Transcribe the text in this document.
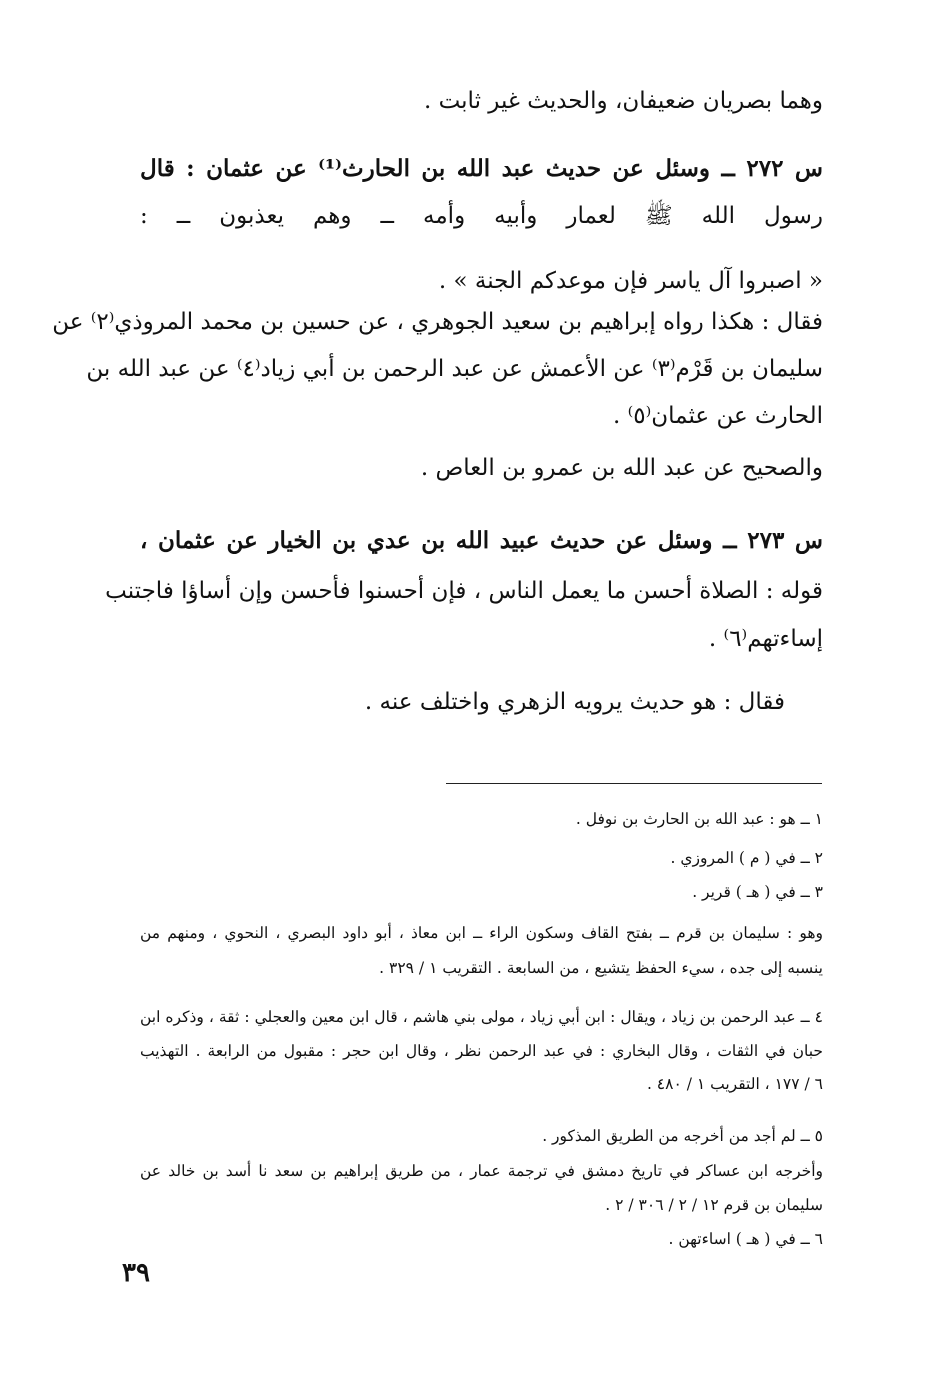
وهما بصريان ضعيفان، والحديث غير ثابت .
س ٢٧٢ ــ وسئل عن حديث عبد الله بن الحارث⁽¹⁾ عن عثمان : قال
رسول الله ﷺ لعمار وأبيه وأمه ــ وهم يعذبون ــ :
« اصبروا آل ياسر فإن موعدكم الجنة » .
فقال : هكذا رواه إبراهيم بن سعيد الجوهري ، عن حسين بن محمد المروذي⁽٢⁾ عن
سليمان بن قَرْم⁽٣⁾ عن الأعمش عن عبد الرحمن بن أبي زياد⁽٤⁾ عن عبد الله بن
الحارث عن عثمان⁽٥⁾ .
والصحيح عن عبد الله بن عمرو بن العاص .
س ٢٧٣ ــ وسئل عن حديث عبيد الله بن عدي بن الخيار عن عثمان ،
قوله : الصلاة أحسن ما يعمل الناس ، فإن أحسنوا فأحسن وإن أساؤا فاجتنب
إساءتهم⁽٦⁾ .
فقال : هو حديث يرويه الزهري واختلف عنه .
١ ــ هو : عبد الله بن الحارث بن نوفل .
٢ ــ في ( م ) المروزي .
٣ ــ في ( هـ ) قرير .
وهو : سليمان بن قرم ــ بفتح القاف وسكون الراء ــ ابن معاذ ، أبو داود البصري ، النحوي ، ومنهم من
ينسبه إلى جده ، سيء الحفظ يتشيع ، من السابعة . التقريب ١ / ٣٢٩ .
٤ ــ عبد الرحمن بن زياد ، ويقال : ابن أبي زياد ، مولى بني هاشم ، قال ابن معين والعجلي : ثقة ، وذكره ابن
حبان في الثقات ، وقال البخاري : في عبد الرحمن نظر ، وقال ابن حجر : مقبول من الرابعة . التهذيب
٦ / ١٧٧ ، التقريب ١ / ٤٨٠ .
٥ ــ لم أجد من أخرجه من الطريق المذكور .
وأخرجه ابن عساكر في تاريخ دمشق في ترجمة عمار ، من طريق إبراهيم بن سعد نا أسد بن خالد عن
سليمان بن قرم ١٢ / ٢ / ٣٠٦ / ٢ .
٦ ــ في ( هـ ) اساءتهن .
٣٩
